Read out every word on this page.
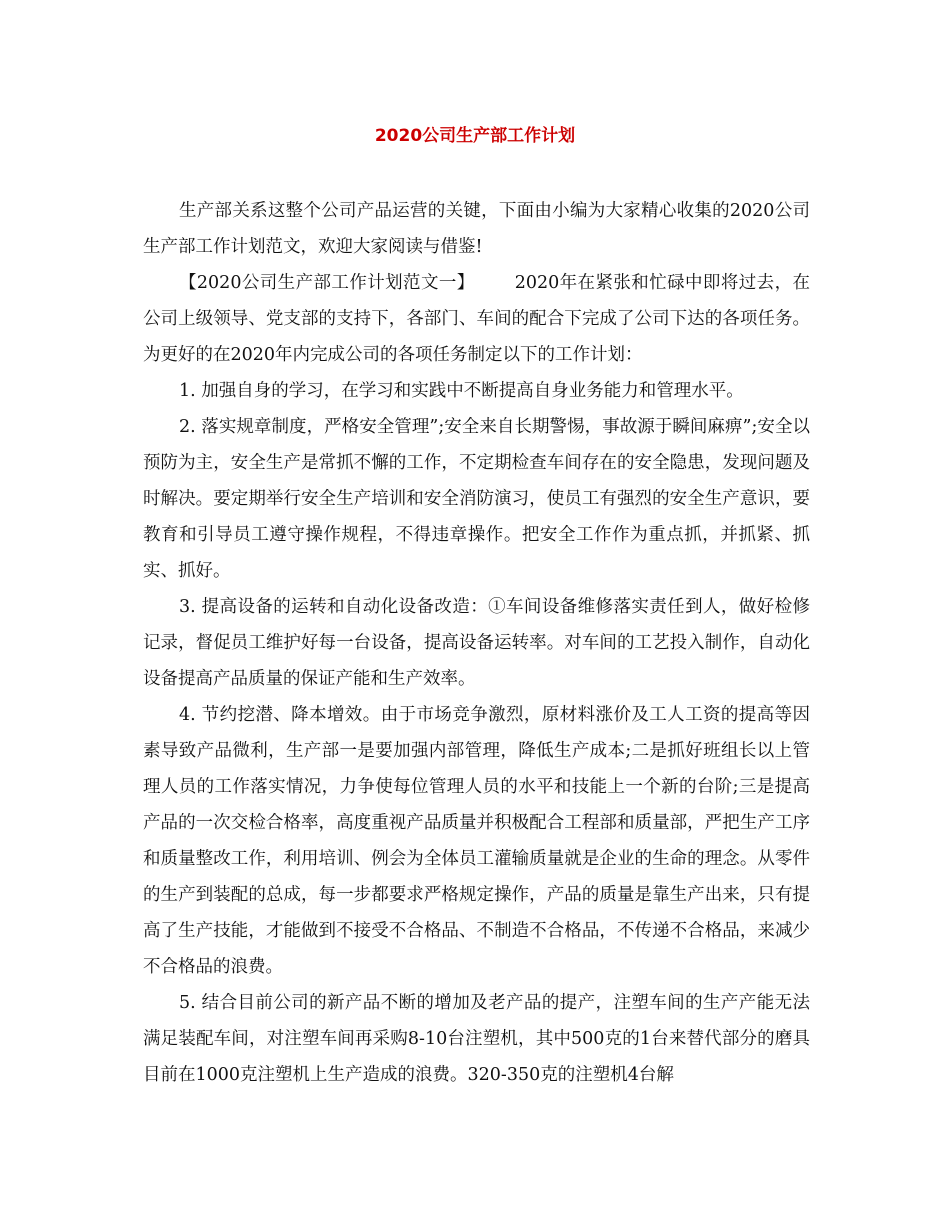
2020公司生产部工作计划

生产部关系这整个公司产品运营的关键，下面由小编为大家精心收集的2020公司生产部工作计划范文，欢迎大家阅读与借鉴!

【2020公司生产部工作计划范文一】 2020年在紧张和忙碌中即将过去，在公司上级领导、党支部的支持下，各部门、车间的配合下完成了公司下达的各项任务。为更好的在2020年内完成公司的各项任务制定以下的工作计划：

1. 加强自身的学习，在学习和实践中不断提高自身业务能力和管理水平。

2. 落实规章制度，严格安全管理”;安全来自长期警惕，事故源于瞬间麻痹”;安全以预防为主，安全生产是常抓不懈的工作，不定期检查车间存在的安全隐患，发现问题及时解决。要定期举行安全生产培训和安全消防演习，使员工有强烈的安全生产意识，要教育和引导员工遵守操作规程，不得违章操作。把安全工作作为重点抓，并抓紧、抓实、抓好。

3. 提高设备的运转和自动化设备改造：①车间设备维修落实责任到人，做好检修记录，督促员工维护好每一台设备，提高设备运转率。对车间的工艺投入制作，自动化设备提高产品质量的保证产能和生产效率。

4. 节约挖潜、降本增效。由于市场竞争激烈，原材料涨价及工人工资的提高等因素导致产品微利，生产部一是要加强内部管理，降低生产成本;二是抓好班组长以上管理人员的工作落实情况，力争使每位管理人员的水平和技能上一个新的台阶;三是提高产品的一次交检合格率，高度重视产品质量并积极配合工程部和质量部，严把生产工序和质量整改工作，利用培训、例会为全体员工灌输质量就是企业的生命的理念。从零件的生产到装配的总成，每一步都要求严格规定操作，产品的质量是靠生产出来，只有提高了生产技能，才能做到不接受不合格品、不制造不合格品，不传递不合格品，来减少不合格品的浪费。

5. 结合目前公司的新产品不断的增加及老产品的提产，注塑车间的生产产能无法满足装配车间，对注塑车间再采购8-10台注塑机，其中500克的1台来替代部分的磨具目前在1000克注塑机上生产造成的浪费。320-350克的注塑机4台解
